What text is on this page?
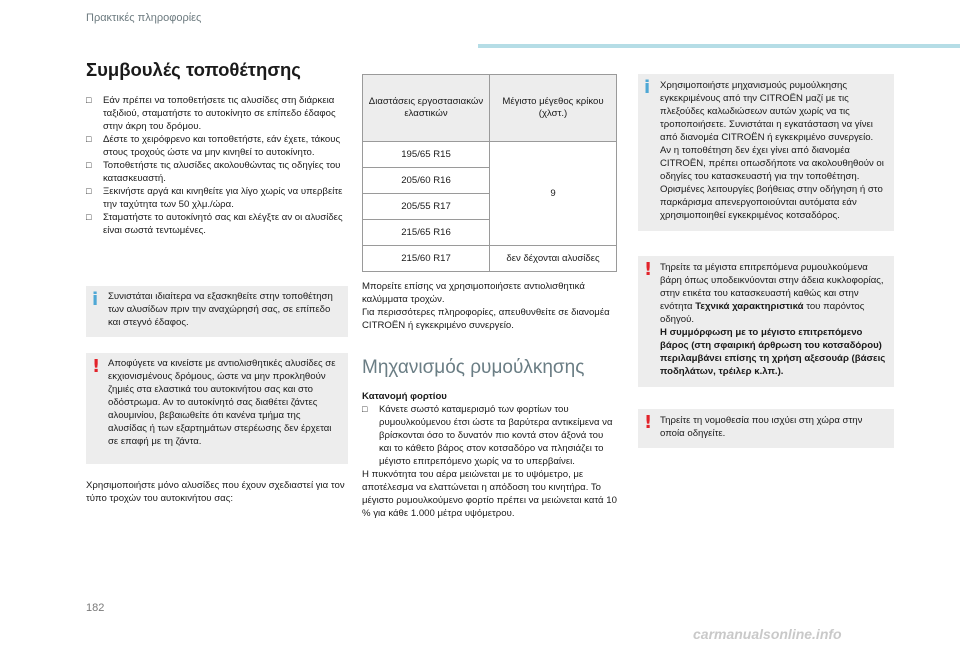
Πρακτικές πληροφορίες
Συμβουλές τοποθέτησης
□ Εάν πρέπει να τοποθετήσετε τις αλυσίδες στη διάρκεια ταξιδιού, σταματήστε το αυτοκίνητο σε επίπεδο έδαφος στην άκρη του δρόμου.
□ Δέστε το χειρόφρενο και τοποθετήστε, εάν έχετε, τάκους στους τροχούς ώστε να μην κινηθεί το αυτοκίνητο.
□ Τοποθετήστε τις αλυσίδες ακολουθώντας τις οδηγίες του κατασκευαστή.
□ Ξεκινήστε αργά και κινηθείτε για λίγο χωρίς να υπερβείτε την ταχύτητα των 50 χλμ./ώρα.
□ Σταματήστε το αυτοκίνητό σας και ελέγξτε αν οι αλυσίδες είναι σωστά τεντωμένες.
i Συνιστάται ιδιαίτερα να εξασκηθείτε στην τοποθέτηση των αλυσίδων πριν την αναχώρησή σας, σε επίπεδο και στεγνό έδαφος.

! Αποφύγετε να κινείστε με αντιολισθητικές αλυσίδες σε εκχιονισμένους δρόμους, ώστε να μην προκληθούν ζημιές στα ελαστικά του αυτοκινήτου σας και στο οδόστρωμα. Αν το αυτοκίνητό σας διαθέτει ζάντες αλουμινίου, βεβαιωθείτε ότι κανένα τμήμα της αλυσίδας ή των εξαρτημάτων στερέωσης δεν έρχεται σε επαφή με τη ζάντα.

Χρησιμοποιήστε μόνο αλυσίδες που έχουν σχεδιαστεί για τον τύπο τροχών του αυτοκινήτου σας:

Διαστάσεις εργοστασιακών ελαστικών	Μέγιστο μέγεθος κρίκου (χλστ.)
195/65 R15	9
205/60 R16	
205/55 R17	
215/65 R16	
215/60 R17	δεν δέχονται αλυσίδες

Μπορείτε επίσης να χρησιμοποιήσετε αντιολισθητικά καλύμματα τροχών.

Για περισσότερες πληροφορίες, απευθυνθείτε σε διανομέα CITROËN ή εγκεκριμένο συνεργείο.

Μηχανισμός ρυμούλκησης

Κατανομή φορτίου

□ Κάνετε σωστό καταμερισμό των φορτίων του ρυμουλκούμενου έτσι ώστε τα βαρύτερα αντικείμενα να βρίσκονται όσο το δυνατόν πιο κοντά στον άξονά του και το κάθετο βάρος στον κοτσαδόρο να πλησιάζει το μέγιστο επιτρεπόμενο χωρίς να το υπερβαίνει.

Η πυκνότητα του αέρα μειώνεται με το υψόμετρο, με αποτέλεσμα να ελαττώνεται η απόδοση του κινητήρα. Το μέγιστο ρυμουλκούμενο φορτίο πρέπει να μειώνεται κατά 10 % για κάθε 1.000 μέτρα υψόμετρου.

i Χρησιμοποιήστε μηχανισμούς ρυμούλκησης εγκεκριμένους από την CITROËN μαζί με τις πλεξούδες καλωδιώσεων αυτών χωρίς να τις τροποποιήσετε. Συνιστάται η εγκατάσταση να γίνει από διανομέα CITROËN ή εγκεκριμένο συνεργείο.

Αν η τοποθέτηση δεν έχει γίνει από διανομέα CITROËN, πρέπει οπωσδήποτε να ακολουθηθούν οι οδηγίες του κατασκευαστή για την τοποθέτηση.

Ορισμένες λειτουργίες βοήθειας στην οδήγηση ή στο παρκάρισμα απενεργοποιούνται αυτόματα εάν χρησιμοποιηθεί εγκεκριμένος κοτσαδόρος.

! Τηρείτε τα μέγιστα επιτρεπόμενα ρυμουλκούμενα βάρη όπως υποδεικνύονται στην άδεια κυκλοφορίας, στην ετικέτα του κατασκευαστή καθώς και στην ενότητα Τεχνικά χαρακτηριστικά του παρόντος οδηγού.

Η συμμόρφωση με το μέγιστο επιτρεπόμενο βάρος (στη σφαιρική άρθρωση του κοτσαδόρου) περιλαμβάνει επίσης τη χρήση αξεσουάρ (βάσεις ποδηλάτων, τρέιλερ κ.λπ.).

! Τηρείτε τη νομοθεσία που ισχύει στη χώρα στην οποία οδηγείτε.

182
carmanualsonline.info
